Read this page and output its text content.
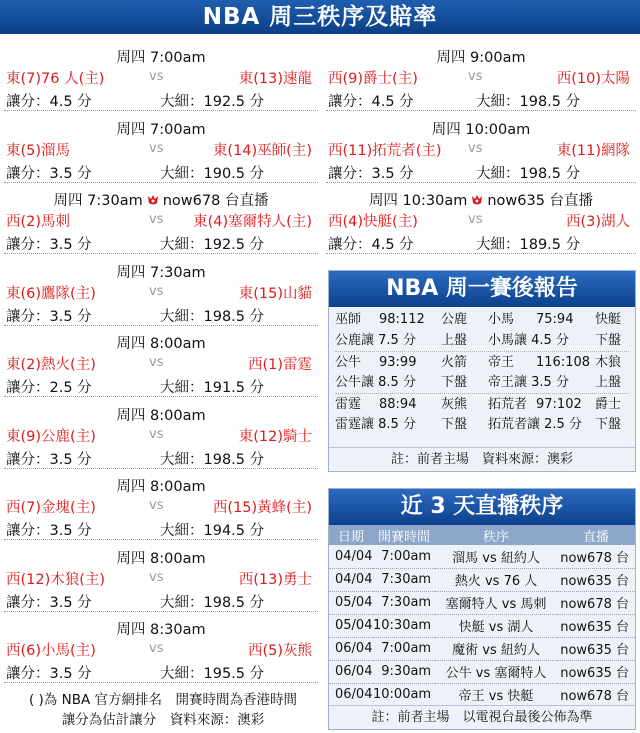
NBA 周三秩序及賠率
周四 7:00am
東(7)76 人(主)	vs	東(13)速龍
讓分：4.5 分	大細：192.5 分
周四 7:00am
東(5)溜馬	vs	東(14)巫師(主)
讓分：3.5 分	大細：190.5 分
周四 7:30am now678 台直播
西(2)馬刺	vs 東(4)塞爾特人(主)
讓分：3.5 分	大細：192.5 分
周四 7:30am
東(6)鷹隊(主)	vs	東(15)山貓
讓分：3.5 分	大細：198.5 分
周四 8:00am
東(2)熱火(主)	vs	西(1)雷霆
讓分：2.5 分	大細：191.5 分
周四 8:00am
東(9)公鹿(主)	vs	東(12)騎士
讓分：3.5 分	大細：198.5 分
周四 8:00am
西(7)金塊(主)	vs	西(15)黃蜂(主)
讓分：3.5 分	大細：194.5 分
周四 8:00am
西(12)木狼(主)	vs	西(13)勇士
讓分：3.5 分	大細：198.5 分
周四 8:30am
西(6)小馬(主)	vs	西(5)灰熊
讓分：3.5 分	大細：195.5 分
周四 9:00am
西(9)爵士(主)	vs	西(10)太陽
讓分：4.5 分	大細：198.5 分
周四 10:00am
西(11)拓荒者(主) vs	東(11)網隊
讓分：3.5 分	大細：198.5 分
周四 10:30am now635 台直播
西(4)快艇(主)	vs	西(3)湖人
讓分：4.5 分	大細：189.5 分
( )為 NBA 官方網排名　開賽時間為香港時間
讓分為估計讓分　資料來源：澳彩
NBA 周一賽後報告
巫師 98:112 公鹿 小馬 75:94 快艇
公鹿讓 7.5 分 上盤 小馬讓 4.5 分 下盤
公牛 93:99 火箭 帝王 116:108 木狼
公牛讓 8.5 分 下盤 帝王讓 3.5 分 上盤
雷霆 88:94 灰熊 拓荒者 97:102 爵士
雷霆讓 8.5 分 下盤 拓荒者讓 2.5 分 下盤
註：前者主場　資料來源：澳彩
近 3 天直播秩序
日期	開賽時間	秩序	直播
04/04	7:00am	溜馬 vs 紐約人	now678 台
04/04	7:30am	熱火 vs 76 人	now635 台
05/04	7:30am	塞爾特人 vs 馬刺	now678 台
05/04	10:30am	快艇 vs 湖人	now635 台
06/04	7:00am	魔術 vs 紐約人	now635 台
06/04	9:30am	公牛 vs 塞爾特人	now635 台
06/04	10:00am	帝王 vs 快艇	now678 台
註：前者主場　以電視台最後公佈為準
